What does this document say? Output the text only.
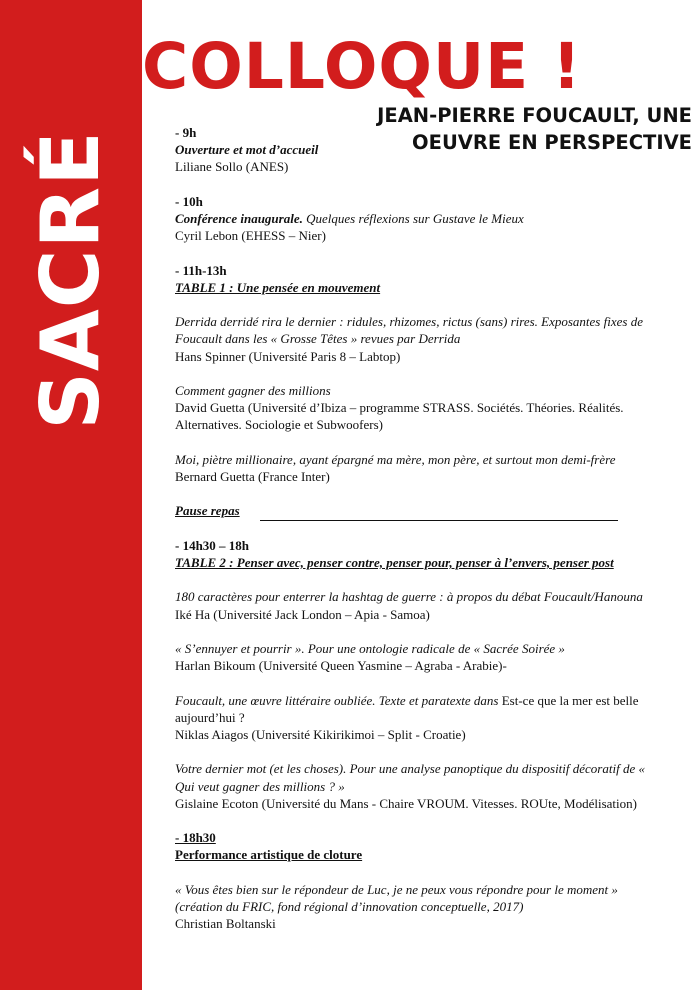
SACRÉ
COLLOQUE !
JEAN-PIERRE FOUCAULT, UNE
OEUVRE EN PERSPECTIVE

- 9h

Ouverture et mot d’accueil

Liliane Sollo (ANES)

- 10h

Conférence inaugurale. Quelques réflexions sur Gustave le Mieux

Cyril Lebon (EHESS – Nier)

- 11h-13h

TABLE 1 : Une pensée en mouvement

Derrida derridé rira le dernier : ridules, rhizomes, rictus (sans) rires. Exposantes fixes de

Foucault dans les « Grosse Têtes » revues par Derrida

Hans Spinner (Université Paris 8 – Labtop)

Comment gagner des millions

David Guetta (Université d’Ibiza – programme STRASS. Sociétés. Théories. Réalités.

Alternatives. Sociologie et Subwoofers)

Moi, piètre millionaire, ayant épargné ma mère, mon père, et surtout mon demi-frère

Bernard Guetta (France Inter)

Pause repas

- 14h30 – 18h

TABLE 2 : Penser avec, penser contre, penser pour, penser à l’envers, penser post

180 caractères pour enterrer la hashtag de guerre : à propos du débat Foucault/Hanouna

Iké Ha (Université Jack London – Apia - Samoa)

« S’ennuyer et pourrir ». Pour une ontologie radicale de « Sacrée Soirée »

Harlan Bikoum (Université Queen Yasmine – Agraba - Arabie)-

Foucault, une œuvre littéraire oubliée. Texte et paratexte dans Est-ce que la mer est belle

aujourd’hui ?

Niklas Aiagos (Université Kikirikimoi – Split - Croatie)

Votre dernier mot (et les choses). Pour une analyse panoptique du dispositif décoratif de «

Qui veut gagner des millions ? »

Gislaine Ecoton (Université du Mans - Chaire VROUM. Vitesses. ROUte, Modélisation)

- 18h30

Performance artistique de cloture

« Vous êtes bien sur le répondeur de Luc, je ne peux vous répondre pour le moment »

(création du FRIC, fond régional d’innovation conceptuelle, 2017)

Christian Boltanski
